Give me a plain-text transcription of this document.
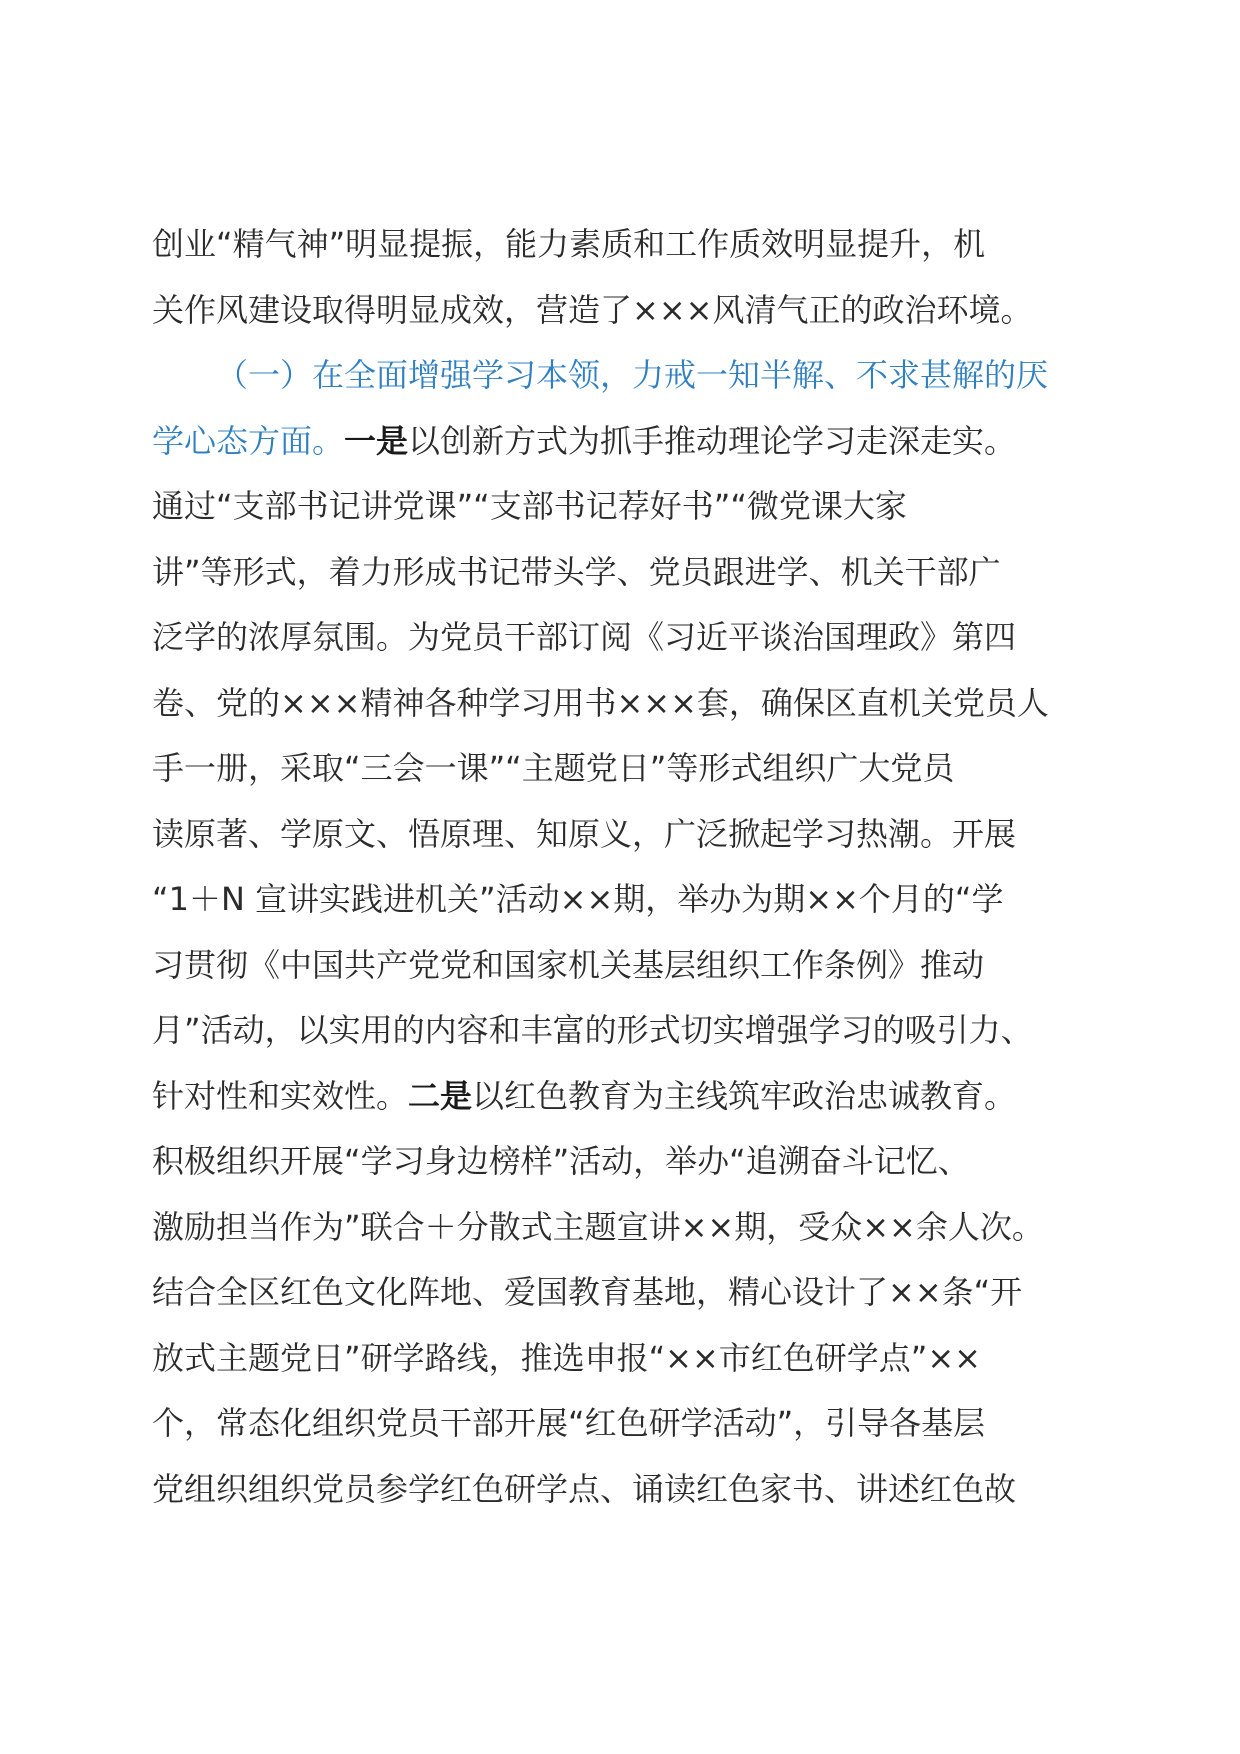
创业“精气神”明显提振，能力素质和工作质效明显提升，机
关作风建设取得明显成效，营造了×××风清气正的政治环境。
（一）在全面增强学习本领，力戒一知半解、不求甚解的厌
学心态方面。一是以创新方式为抓手推动理论学习走深走实。
通过“支部书记讲党课”“支部书记荐好书”“微党课大家
讲”等形式，着力形成书记带头学、党员跟进学、机关干部广
泛学的浓厚氛围。为党员干部订阅《习近平谈治国理政》第四
卷、党的×××精神各种学习用书×××套，确保区直机关党员人
手一册，采取“三会一课”“主题党日”等形式组织广大党员
读原著、学原文、悟原理、知原义，广泛掀起学习热潮。开展
“1＋N 宣讲实践进机关”活动××期，举办为期××个月的“学
习贯彻《中国共产党党和国家机关基层组织工作条例》推动
月”活动，以实用的内容和丰富的形式切实增强学习的吸引力、
针对性和实效性。二是以红色教育为主线筑牢政治忠诚教育。
积极组织开展“学习身边榜样”活动，举办“追溯奋斗记忆、
激励担当作为”联合＋分散式主题宣讲××期，受众××余人次。
结合全区红色文化阵地、爱国教育基地，精心设计了××条“开
放式主题党日”研学路线，推选申报“××市红色研学点”××
个，常态化组织党员干部开展“红色研学活动”，引导各基层
党组织组织党员参学红色研学点、诵读红色家书、讲述红色故
